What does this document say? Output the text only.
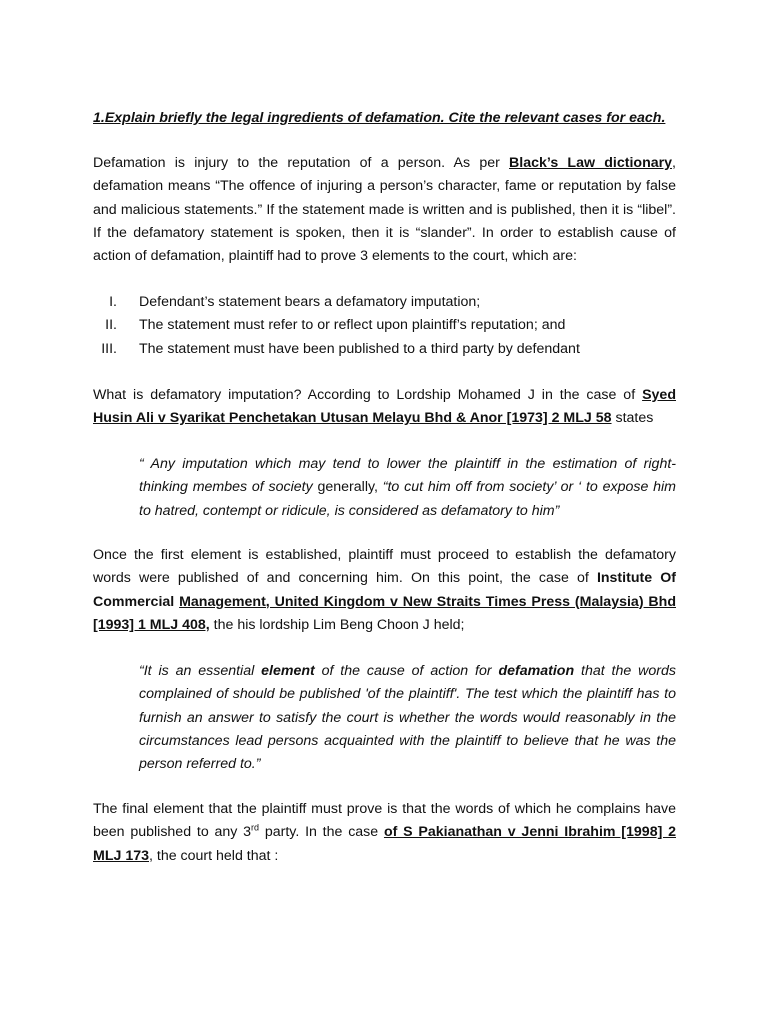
1.Explain briefly the legal ingredients of defamation. Cite the relevant cases for each.
Defamation is injury to the reputation of a person. As per Black’s Law dictionary, defamation means “The offence of injuring a person’s character, fame or reputation by false and malicious statements.” If the statement made is written and is published, then it is “libel”. If the defamatory statement is spoken, then it is “slander”. In order to establish cause of action of defamation, plaintiff had to prove 3 elements to the court, which are:
I. Defendant’s statement bears a defamatory imputation;
II. The statement must refer to or reflect upon plaintiff’s reputation; and
III. The statement must have been published to a third party by defendant
What is defamatory imputation? According to Lordship Mohamed J in the case of Syed Husin Ali v Syarikat Penchetakan Utusan Melayu Bhd & Anor [1973] 2 MLJ 58 states
“ Any imputation which may tend to lower the plaintiff in the estimation of right-thinking membes of society generally, “to cut him off from society’ or ‘ to expose him to hatred, contempt or ridicule, is considered as defamatory to him”
Once the first element is established, plaintiff must proceed to establish the defamatory words were published of and concerning him. On this point, the case of Institute Of Commercial Management, United Kingdom v New Straits Times Press (Malaysia) Bhd [1993] 1 MLJ 408, the his lordship Lim Beng Choon J held;
“It is an essential element of the cause of action for defamation that the words complained of should be published 'of the plaintiff'. The test which the plaintiff has to furnish an answer to satisfy the court is whether the words would reasonably in the circumstances lead persons acquainted with the plaintiff to believe that he was the person referred to.”
The final element that the plaintiff must prove is that the words of which he complains have been published to any 3rd party. In the case of S Pakianathan v Jenni Ibrahim [1998] 2 MLJ 173, the court held that :
